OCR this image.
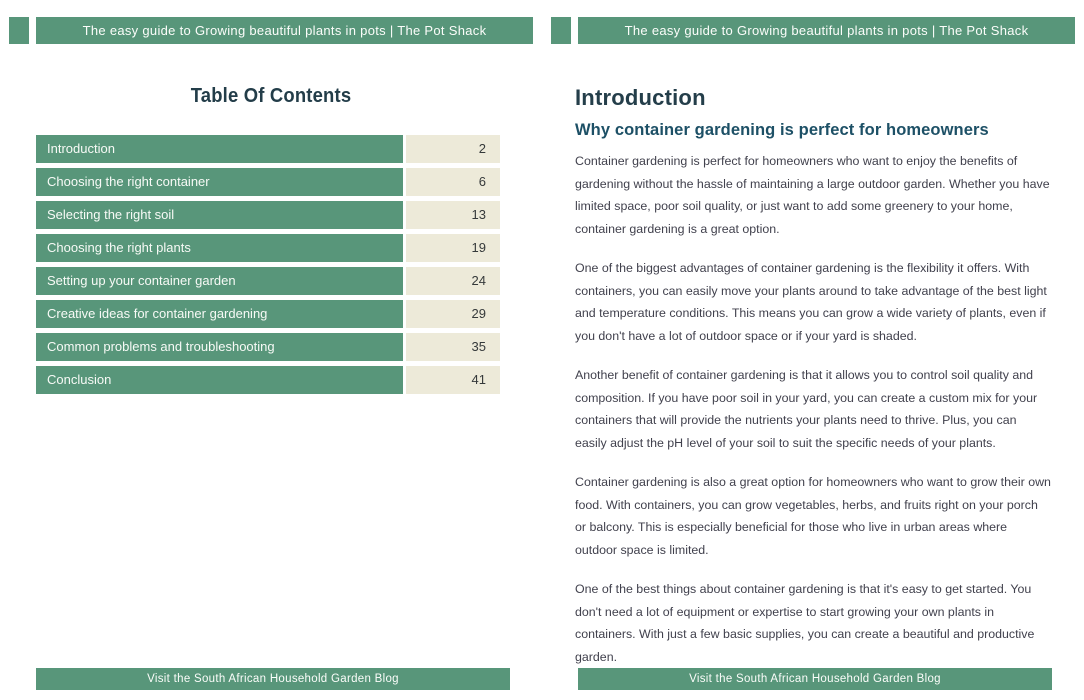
The easy guide to Growing beautiful plants in pots | The Pot Shack
Table Of Contents
Introduction	2
Choosing the right container	6
Selecting the right soil	13
Choosing the right plants	19
Setting up your container garden	24
Creative ideas for container gardening	29
Common problems and troubleshooting	35
Conclusion	41
Visit the South African Household Garden Blog
The easy guide to Growing beautiful plants in pots | The Pot Shack
Introduction
Why container gardening is perfect for homeowners

Container gardening is perfect for homeowners who want to enjoy the benefits of gardening without the hassle of maintaining a large outdoor garden. Whether you have limited space, poor soil quality, or just want to add some greenery to your home, container gardening is a great option.

One of the biggest advantages of container gardening is the flexibility it offers. With containers, you can easily move your plants around to take advantage of the best light and temperature conditions. This means you can grow a wide variety of plants, even if you don't have a lot of outdoor space or if your yard is shaded.

Another benefit of container gardening is that it allows you to control soil quality and composition. If you have poor soil in your yard, you can create a custom mix for your containers that will provide the nutrients your plants need to thrive. Plus, you can easily adjust the pH level of your soil to suit the specific needs of your plants.

Container gardening is also a great option for homeowners who want to grow their own food. With containers, you can grow vegetables, herbs, and fruits right on your porch or balcony. This is especially beneficial for those who live in urban areas where outdoor space is limited.

One of the best things about container gardening is that it's easy to get started. You don't need a lot of equipment or expertise to start growing your own plants in containers. With just a few basic supplies, you can create a beautiful and productive garden.

Visit the South African Household Garden Blog
